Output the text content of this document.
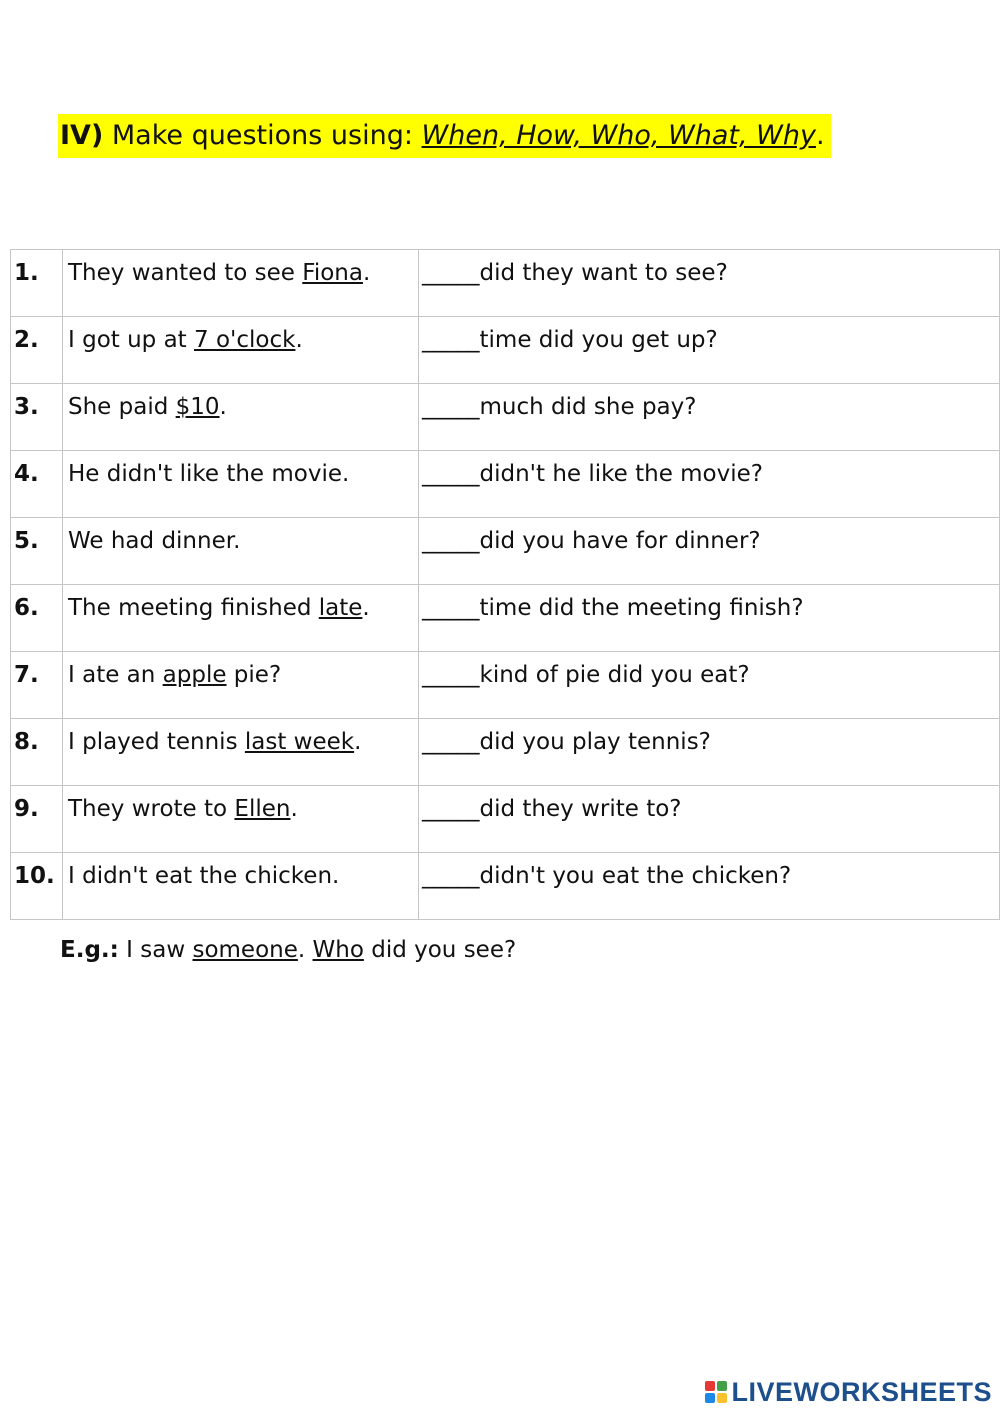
IV) Make questions using: When, How, Who, What, Why.
1.	They wanted to see Fiona.	_____did they want to see?
2.	I got up at 7 o'clock.	_____time did you get up?
3.	She paid $10.	_____much did she pay?
4.	He didn't like the movie.	_____didn't he like the movie?
5.	We had dinner.	_____did you have for dinner?
6.	The meeting finished late.	_____time did the meeting finish?
7.	I ate an apple pie?	_____kind of pie did you eat?
8.	I played tennis last week.	_____did you play tennis?
9.	They wrote to Ellen.	_____did they write to?
10.	I didn't eat the chicken.	_____didn't you eat the chicken?
E.g.: I saw someone. Who did you see?
LIVEWORKSHEETS
